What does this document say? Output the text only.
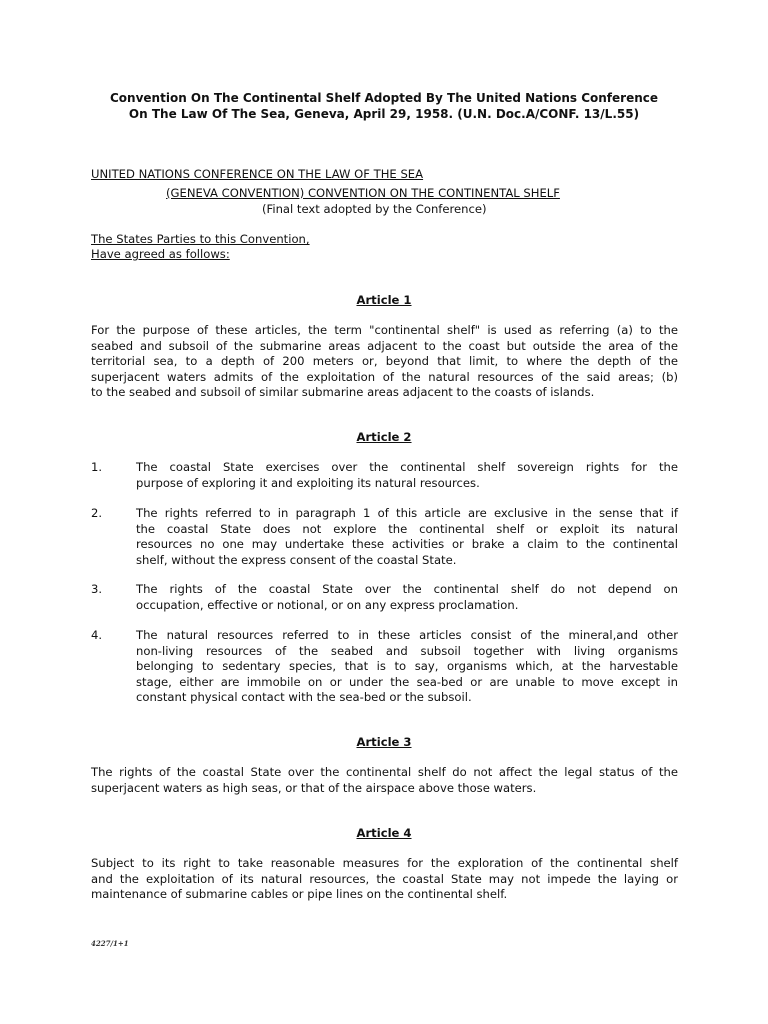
Convention On The Continental Shelf Adopted By The United Nations Conference
On The Law Of The Sea, Geneva, April 29, 1958. (U.N. Doc.A/CONF. 13/L.55)
UNITED NATIONS CONFERENCE ON THE LAW OF THE SEA
(GENEVA CONVENTION) CONVENTION ON THE CONTINENTAL SHELF
(Final text adopted by the Conference)
The States Parties to this Convention,
Have agreed as follows:
Article 1
For the purpose of these articles, the term "continental shelf" is used as referring (a) to the
seabed and subsoil of the submarine areas adjacent to the coast but outside the area of the
territorial sea, to a depth of 200 meters or, beyond that limit, to where the depth of the
superjacent waters admits of the exploitation of the natural resources of the said areas; (b)
to the seabed and subsoil of similar submarine areas adjacent to the coasts of islands.
Article 2
1.	The coastal State exercises over the continental shelf sovereign rights for the
purpose of exploring it and exploiting its natural resources.
2.	The rights referred to in paragraph 1 of this article are exclusive in the sense that if
the coastal State does not explore the continental shelf or exploit its natural
resources no one may undertake these activities or brake a claim to the continental
shelf, without the express consent of the coastal State.
3.	The rights of the coastal State over the continental shelf do not depend on
occupation, effective or notional, or on any express proclamation.
4.	The natural resources referred to in these articles consist of the mineral,and other
non-living resources of the seabed and subsoil together with living organisms
belonging to sedentary species, that is to say, organisms which, at the harvestable
stage, either are immobile on or under the sea-bed or are unable to move except in
constant physical contact with the sea-bed or the subsoil.
Article 3
The rights of the coastal State over the continental shelf do not affect the legal status of the
superjacent waters as high seas, or that of the airspace above those waters.
Article 4
Subject to its right to take reasonable measures for the exploration of the continental shelf
and the exploitation of its natural resources, the coastal State may not impede the laying or
maintenance of submarine cables or pipe lines on the continental shelf.
4227/1+1
